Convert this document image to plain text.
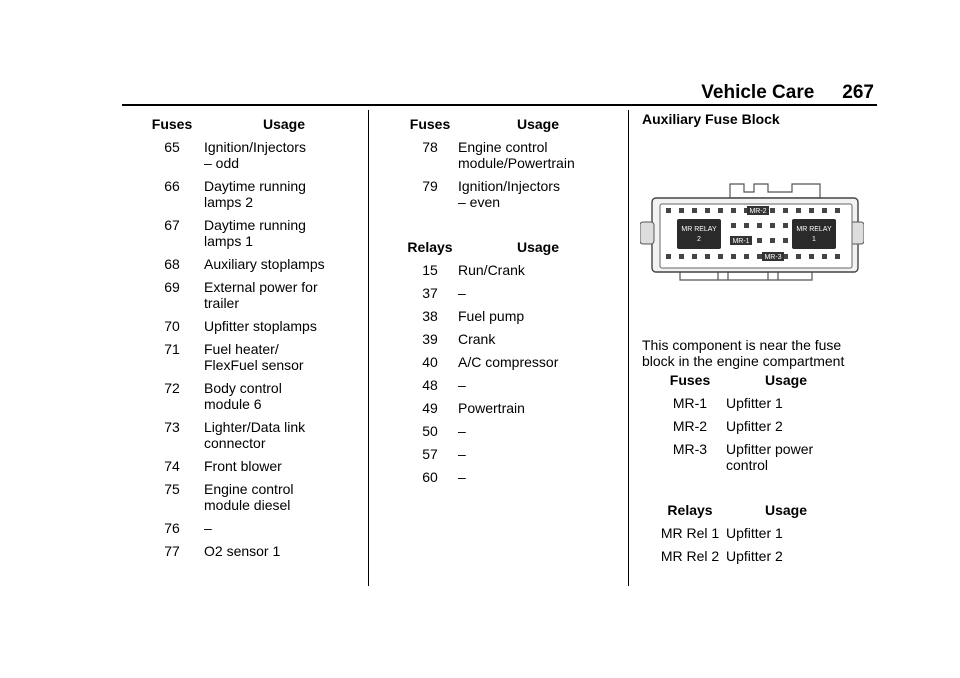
Vehicle Care 267
Fuses	Usage
65	Ignition/Injectors
– odd
66	Daytime running
lamps 2
67	Daytime running
lamps 1
68	Auxiliary stoplamps
69	External power for
trailer
70	Upfitter stoplamps
71	Fuel heater/
FlexFuel sensor
72	Body control
module 6
73	Lighter/Data link
connector
74	Front blower
75	Engine control
module diesel
76	–
77	O2 sensor 1
Fuses	Usage
78	Engine control
module/Powertrain
79	Ignition/Injectors
– even
Relays	Usage
15	Run/Crank
37	–
38	Fuel pump
39	Crank
40	A/C compressor
48	–
49	Powertrain
50	–
57	–
60	–
Auxiliary Fuse Block
MR RELAY
2
MR RELAY
1
MR-2
MR-1
MR-3
This component is near the fuse block in the engine compartment
Fuses	Usage
MR-1	Upfitter 1
MR-2	Upfitter 2
MR-3	Upfitter power
control
Relays	Usage
MR Rel 1	Upfitter 1
MR Rel 2	Upfitter 2
